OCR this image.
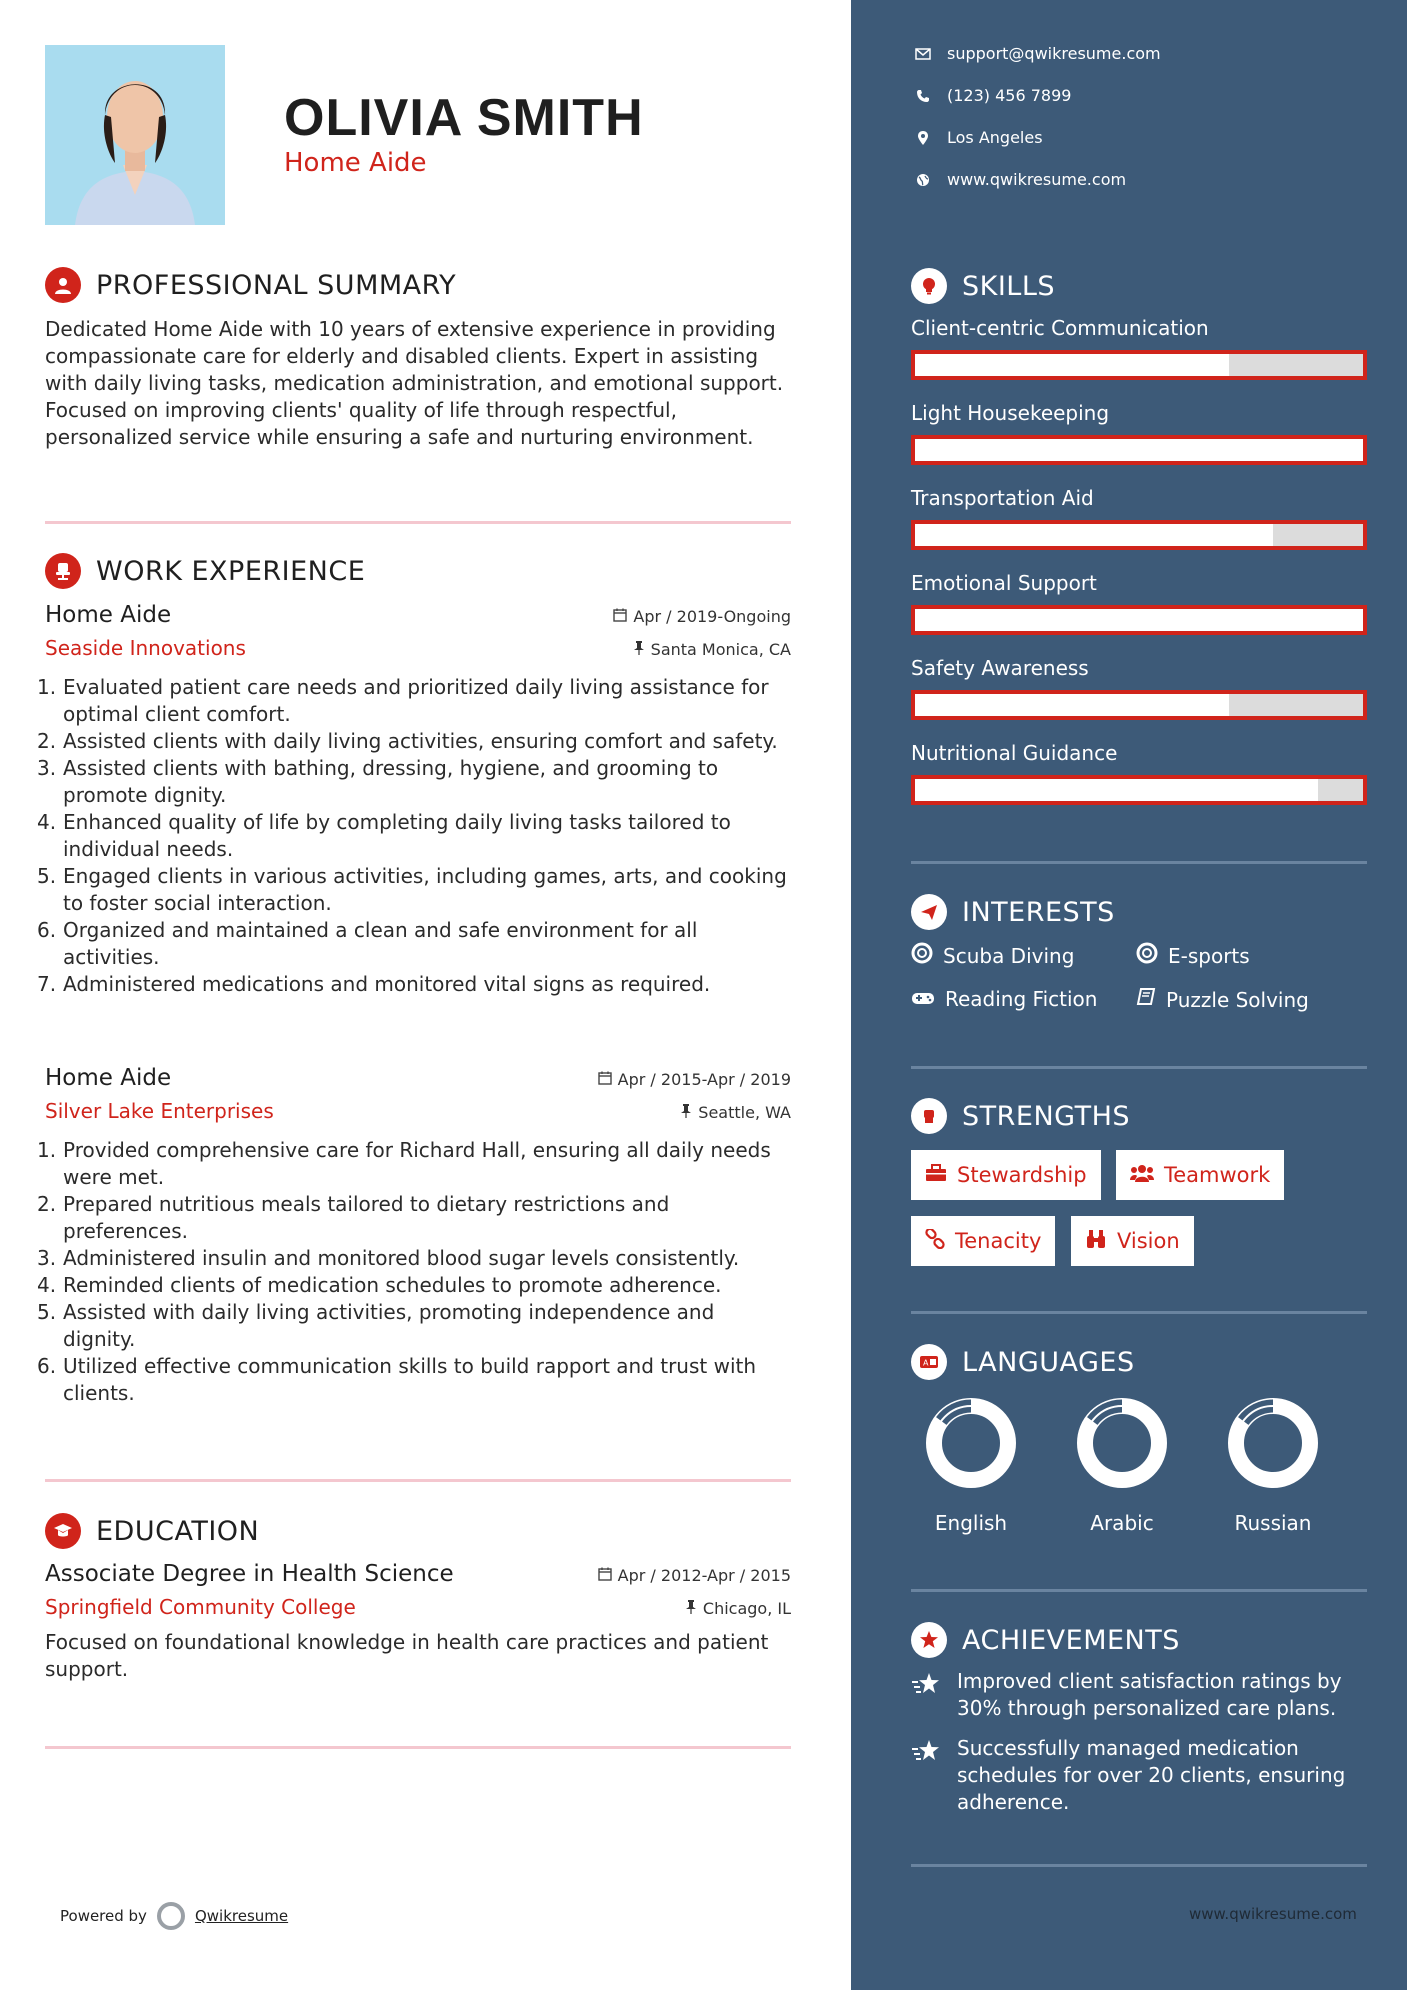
OLIVIA SMITH
Home Aide
PROFESSIONAL SUMMARY
Dedicated Home Aide with 10 years of extensive experience in providing compassionate care for elderly and disabled clients. Expert in assisting with daily living tasks, medication administration, and emotional support. Focused on improving clients' quality of life through respectful, personalized service while ensuring a safe and nurturing environment.
WORK EXPERIENCE
Home Aide	Apr / 2019-Ongoing
Seaside Innovations	Santa Monica, CA
1. Evaluated patient care needs and prioritized daily living assistance for optimal client comfort.
2. Assisted clients with daily living activities, ensuring comfort and safety.
3. Assisted clients with bathing, dressing, hygiene, and grooming to promote dignity.
4. Enhanced quality of life by completing daily living tasks tailored to individual needs.
5. Engaged clients in various activities, including games, arts, and cooking to foster social interaction.
6. Organized and maintained a clean and safe environment for all activities.
7. Administered medications and monitored vital signs as required.
Home Aide	Apr / 2015-Apr / 2019
Silver Lake Enterprises	Seattle, WA
1. Provided comprehensive care for Richard Hall, ensuring all daily needs were met.
2. Prepared nutritious meals tailored to dietary restrictions and preferences.
3. Administered insulin and monitored blood sugar levels consistently.
4. Reminded clients of medication schedules to promote adherence.
5. Assisted with daily living activities, promoting independence and dignity.
6. Utilized effective communication skills to build rapport and trust with clients.
EDUCATION
Associate Degree in Health Science	Apr / 2012-Apr / 2015
Springfield Community College	Chicago, IL
Focused on foundational knowledge in health care practices and patient support.
Powered by	Qwikresume
support@qwikresume.com
(123) 456 7899
Los Angeles
www.qwikresume.com
SKILLS
Client-centric Communication
Light Housekeeping
Transportation Aid
Emotional Support
Safety Awareness
Nutritional Guidance
INTERESTS
Scuba Diving	E-sports
Reading Fiction	Puzzle Solving
STRENGTHS
Stewardship	Teamwork
Tenacity	Vision
A LANGUAGES
English	Arabic	Russian
ACHIEVEMENTS
Improved client satisfaction ratings by 30% through personalized care plans.
Successfully managed medication schedules for over 20 clients, ensuring adherence.
www.qwikresume.com
